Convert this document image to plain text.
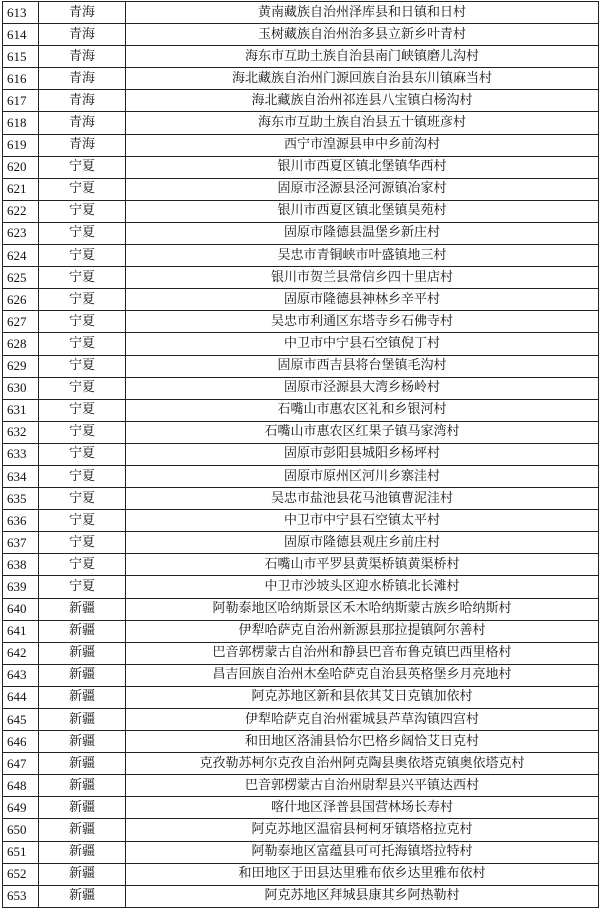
613	青海	黄南藏族自治州泽库县和日镇和日村
614	青海	玉树藏族自治州治多县立新乡叶青村
615	青海	海东市互助土族自治县南门峡镇磨儿沟村
616	青海	海北藏族自治州门源回族自治县东川镇麻当村
617	青海	海北藏族自治州祁连县八宝镇白杨沟村
618	青海	海东市互助土族自治县五十镇班彦村
619	青海	西宁市湟源县申中乡前沟村
620	宁夏	银川市西夏区镇北堡镇华西村
621	宁夏	固原市泾源县泾河源镇冶家村
622	宁夏	银川市西夏区镇北堡镇昊苑村
623	宁夏	固原市隆德县温堡乡新庄村
624	宁夏	吴忠市青铜峡市叶盛镇地三村
625	宁夏	银川市贺兰县常信乡四十里店村
626	宁夏	固原市隆德县神林乡辛平村
627	宁夏	吴忠市利通区东塔寺乡石佛寺村
628	宁夏	中卫市中宁县石空镇倪丁村
629	宁夏	固原市西吉县将台堡镇毛沟村
630	宁夏	固原市泾源县大湾乡杨岭村
631	宁夏	石嘴山市惠农区礼和乡银河村
632	宁夏	石嘴山市惠农区红果子镇马家湾村
633	宁夏	固原市彭阳县城阳乡杨坪村
634	宁夏	固原市原州区河川乡寨洼村
635	宁夏	吴忠市盐池县花马池镇曹泥洼村
636	宁夏	中卫市中宁县石空镇太平村
637	宁夏	固原市隆德县观庄乡前庄村
638	宁夏	石嘴山市平罗县黄渠桥镇黄渠桥村
639	宁夏	中卫市沙坡头区迎水桥镇北长滩村
640	新疆	阿勒泰地区哈纳斯景区禾木哈纳斯蒙古族乡哈纳斯村
641	新疆	伊犁哈萨克自治州新源县那拉提镇阿尔善村
642	新疆	巴音郭楞蒙古自治州和静县巴音布鲁克镇巴西里格村
643	新疆	昌吉回族自治州木垒哈萨克自治县英格堡乡月亮地村
644	新疆	阿克苏地区新和县依其艾日克镇加依村
645	新疆	伊犁哈萨克自治州霍城县芦草沟镇四宫村
646	新疆	和田地区洛浦县恰尔巴格乡阔恰艾日克村
647	新疆	克孜勒苏柯尔克孜自治州阿克陶县奥依塔克镇奥依塔克村
648	新疆	巴音郭楞蒙古自治州尉犁县兴平镇达西村
649	新疆	喀什地区泽普县国营林场长寿村
650	新疆	阿克苏地区温宿县柯柯牙镇塔格拉克村
651	新疆	阿勒泰地区富蕴县可可托海镇塔拉特村
652	新疆	和田地区于田县达里雅布依乡达里雅布依村
653	新疆	阿克苏地区拜城县康其乡阿热勒村
